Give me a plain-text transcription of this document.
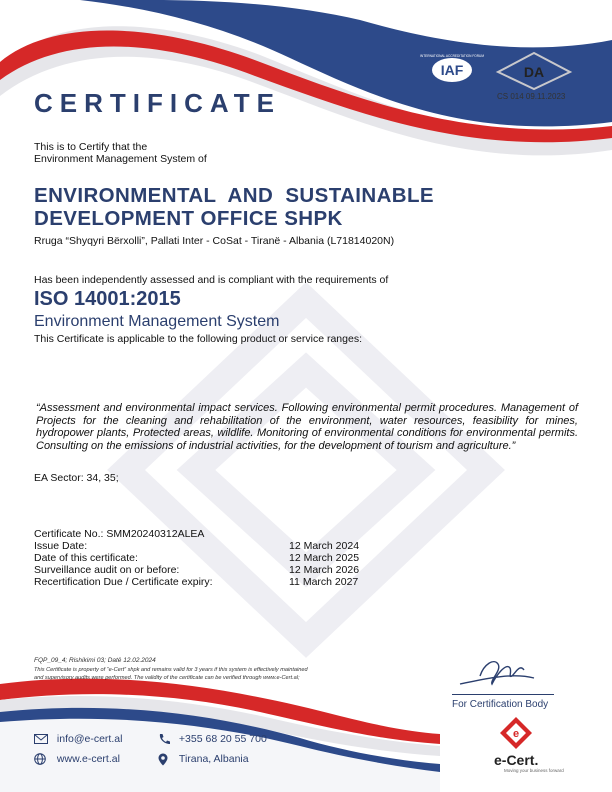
IAF
INTERNATIONAL ACCREDITATION FORUM
DA
CS 014 09.11.2023
CERTIFICATE
This is to Certify that the
Environment Management System of
ENVIRONMENTAL  AND  SUSTAINABLE
DEVELOPMENT OFFICE SHPK
Rruga “Shyqyri Bërxolli”, Pallati Inter - CoSat - Tiranë - Albania (L71814020N)
Has been independently assessed and is compliant with the requirements of
ISO 14001:2015
Environment Management System
This Certificate is applicable to the following product or service ranges:
“Assessment and environmental impact services. Following environmental permit procedures. Management of Projects for the cleaning and rehabilitation of the environment, water resources, feasibility for mines, hydropower plants, Protected areas, wildlife. Monitoring of environmental conditions for environmental permits. Consulting on the emissions of industrial activities, for the development of tourism and agriculture.”
EA Sector: 34, 35;
Certificate No.: SMM20240312ALEA
Issue Date:	12 March 2024
Date of this certificate:	12 March 2025
Surveillance audit on or before:	12 March 2026
Recertification Due / Certificate expiry:	11 March 2027
FQP_09_4; Rishikimi 03; Datë 12.02.2024
This Certificate is property of “e-Cert” shpk and remains valid for 3 years if this system is effectively maintained
and supervisory audits were performed. The validity of the certificate can be verified through www.e-Cert.al;
For Certification Body
e
e-Cert.
Moving your business forward
info@e-cert.al	+355 68 20 55 700
www.e-cert.al	Tirana, Albania
